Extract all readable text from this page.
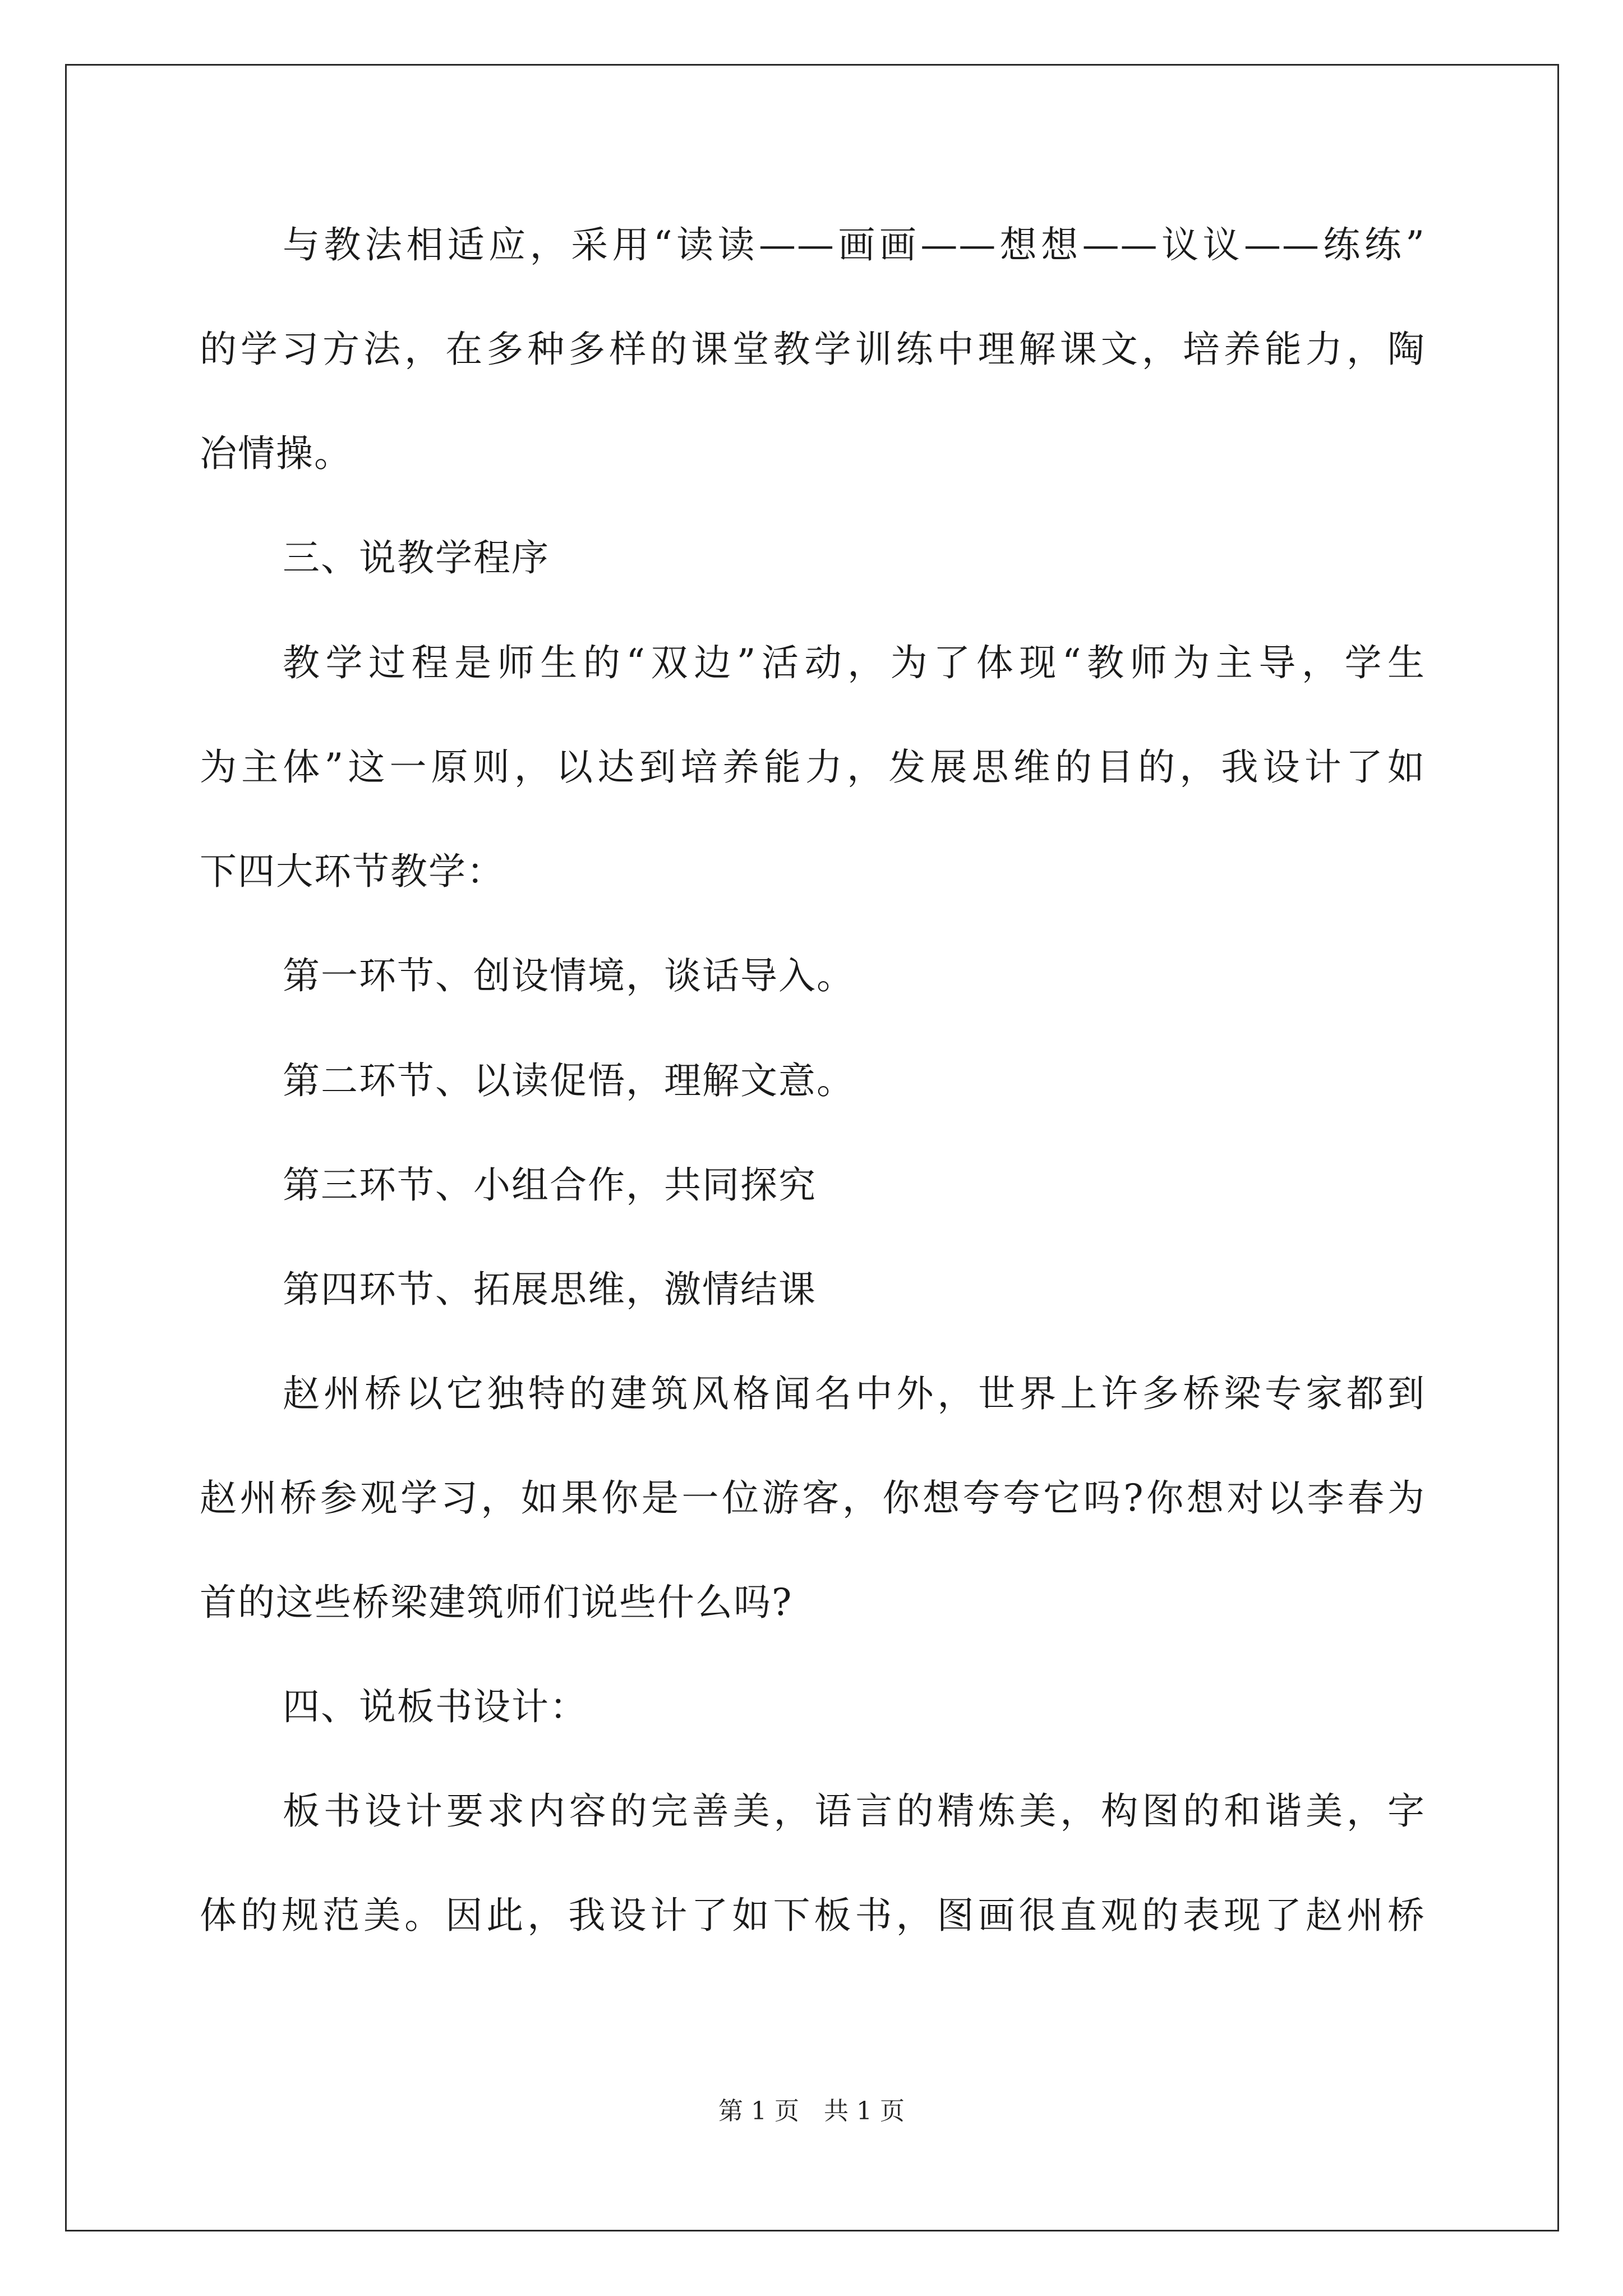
与教法相适应，采用“读读——画画——想想——议议——练练”
的学习方法，在多种多样的课堂教学训练中理解课文，培养能力，陶
冶情操。
三、说教学程序
教学过程是师生的“双边”活动，为了体现“教师为主导，学生
为主体”这一原则，以达到培养能力，发展思维的目的，我设计了如
下四大环节教学：
第一环节、创设情境，谈话导入。
第二环节、以读促悟，理解文意。
第三环节、小组合作，共同探究
第四环节、拓展思维，激情结课
赵州桥以它独特的建筑风格闻名中外，世界上许多桥梁专家都到
赵州桥参观学习，如果你是一位游客，你想夸夸它吗?你想对以李春为
首的这些桥梁建筑师们说些什么吗?
四、说板书设计：
板书设计要求内容的完善美，语言的精炼美，构图的和谐美，字
体的规范美。因此，我设计了如下板书，图画很直观的表现了赵州桥
第 1 页　共 1 页
